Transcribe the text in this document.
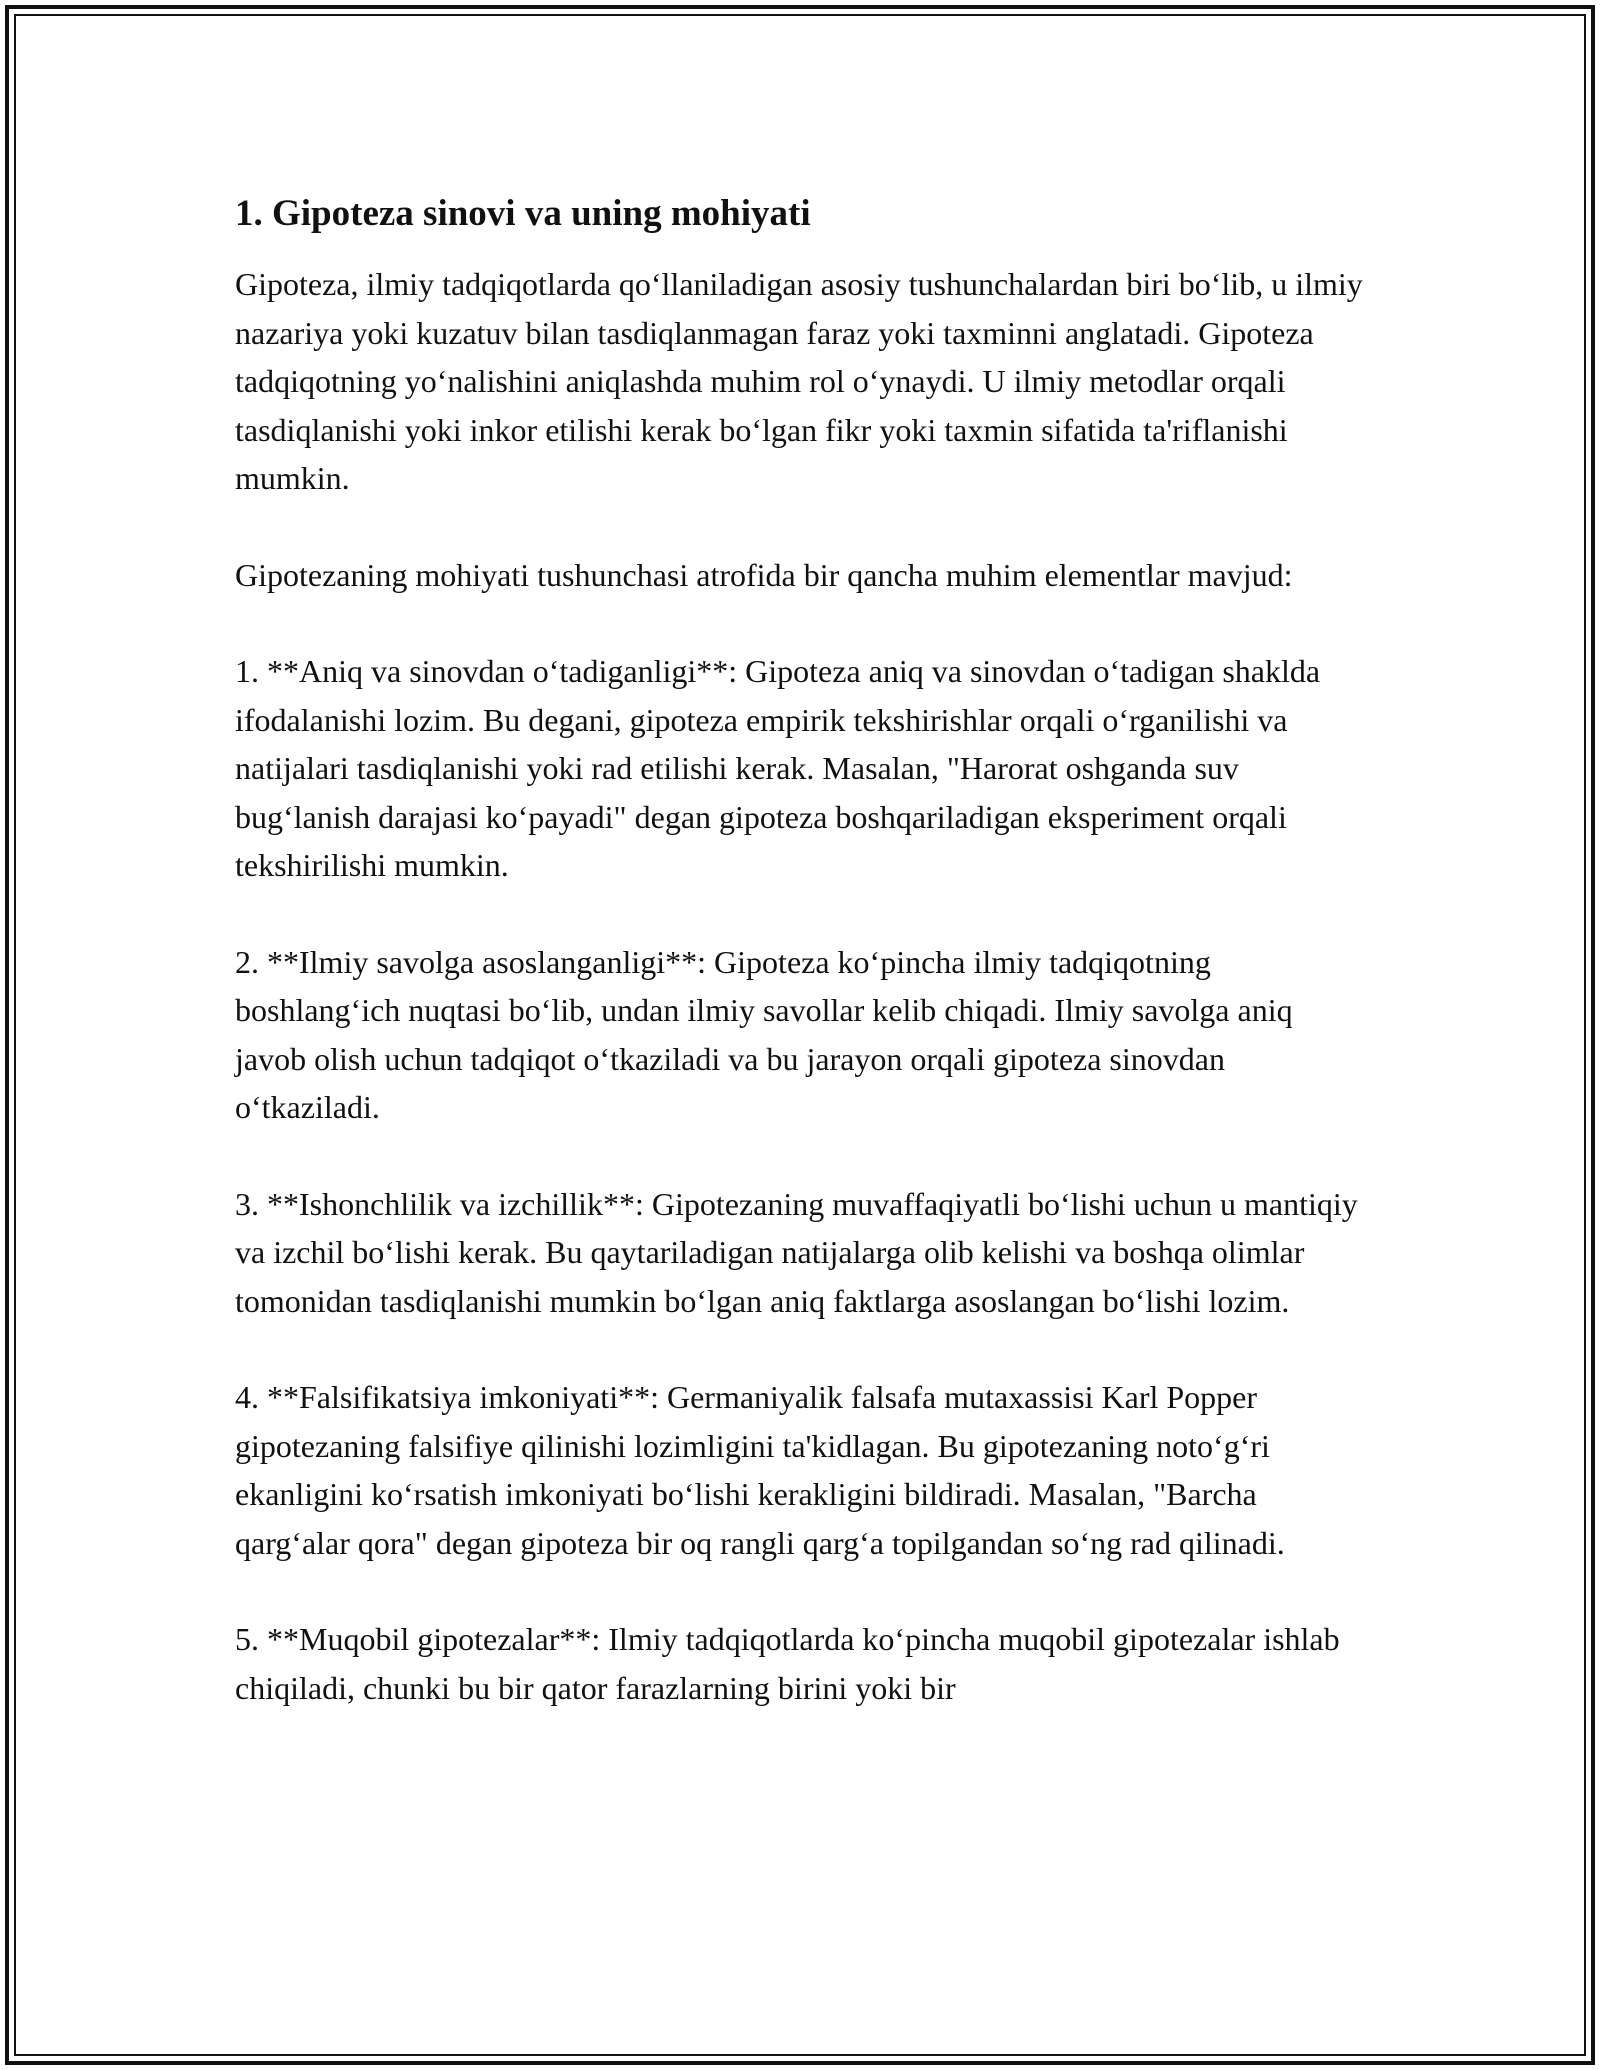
1. Gipoteza sinovi va uning mohiyati

Gipoteza, ilmiy tadqiqotlarda qo‘llaniladigan asosiy tushunchalardan biri bo‘lib, u ilmiy nazariya yoki kuzatuv bilan tasdiqlanmagan faraz yoki taxminni anglatadi. Gipoteza tadqiqotning yo‘nalishini aniqlashda muhim rol o‘ynaydi. U ilmiy metodlar orqali tasdiqlanishi yoki inkor etilishi kerak bo‘lgan fikr yoki taxmin sifatida ta'riflanishi mumkin.

Gipotezaning mohiyati tushunchasi atrofida bir qancha muhim elementlar mavjud:

1. **Aniq va sinovdan o‘tadiganligi**: Gipoteza aniq va sinovdan o‘tadigan shaklda ifodalanishi lozim. Bu degani, gipoteza empirik tekshirishlar orqali o‘rganilishi va natijalari tasdiqlanishi yoki rad etilishi kerak. Masalan, "Harorat oshganda suv bug‘lanish darajasi ko‘payadi" degan gipoteza boshqariladigan eksperiment orqali tekshirilishi mumkin.

2. **Ilmiy savolga asoslanganligi**: Gipoteza ko‘pincha ilmiy tadqiqotning boshlang‘ich nuqtasi bo‘lib, undan ilmiy savollar kelib chiqadi. Ilmiy savolga aniq javob olish uchun tadqiqot o‘tkaziladi va bu jarayon orqali gipoteza sinovdan o‘tkaziladi.

3. **Ishonchlilik va izchillik**: Gipotezaning muvaffaqiyatli bo‘lishi uchun u mantiqiy va izchil bo‘lishi kerak. Bu qaytariladigan natijalarga olib kelishi va boshqa olimlar tomonidan tasdiqlanishi mumkin bo‘lgan aniq faktlarga asoslangan bo‘lishi lozim.

4. **Falsifikatsiya imkoniyati**: Germaniyalik falsafa mutaxassisi Karl Popper gipotezaning falsifiye qilinishi lozimligini ta'kidlagan. Bu gipotezaning noto‘g‘ri ekanligini ko‘rsatish imkoniyati bo‘lishi kerakligini bildiradi. Masalan, "Barcha qarg‘alar qora" degan gipoteza bir oq rangli qarg‘a topilgandan so‘ng rad qilinadi.

5. **Muqobil gipotezalar**: Ilmiy tadqiqotlarda ko‘pincha muqobil gipotezalar ishlab chiqiladi, chunki bu bir qator farazlarning birini yoki bir
